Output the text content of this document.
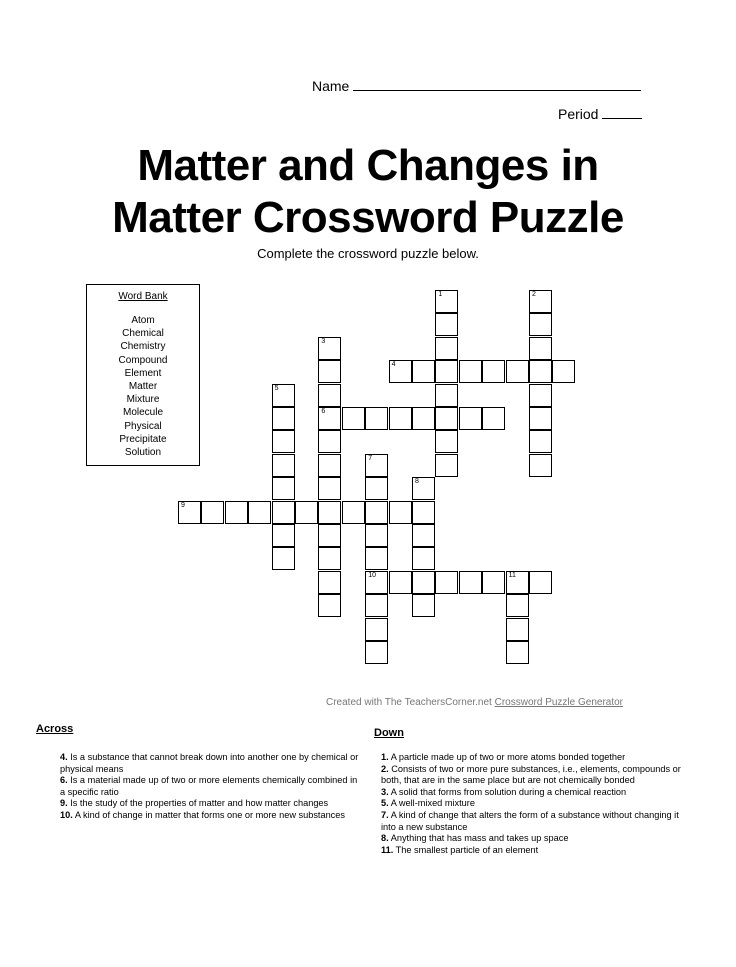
Name
Period
Matter and Changes in
Matter Crossword Puzzle
Complete the crossword puzzle below.
Word Bank
Atom
Chemical
Chemistry
Compound
Element
Matter
Mixture
Molecule
Physical
Precipitate
Solution
1	2
3
6
4
5
7
10
8
9
11
Created with The TeachersCorner.net Crossword Puzzle Generator
Across
4. Is a substance that cannot break down into another one by chemical or physical means
6. Is a material made up of two or more elements chemically combined in a specific ratio
9. Is the study of the properties of matter and how matter changes
10. A kind of change in matter that forms one or more new substances
Down
1. A particle made up of two or more atoms bonded together
2. Consists of two or more pure substances, i.e., elements, compounds or both, that are in the same place but are not chemically bonded
3. A solid that forms from solution during a chemical reaction
5. A well-mixed mixture
7. A kind of change that alters the form of a substance without changing it into a new substance
8. Anything that has mass and takes up space
11. The smallest particle of an element
